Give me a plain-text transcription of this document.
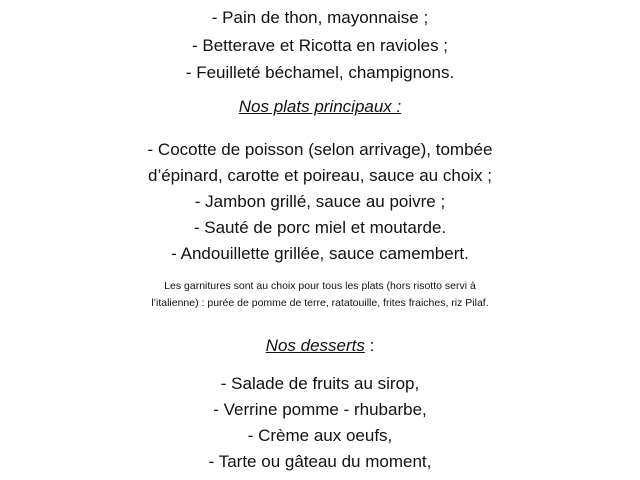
- Pain de thon, mayonnaise ;
- Betterave et Ricotta en ravioles ;
- Feuilleté béchamel, champignons.
Nos plats principaux :
- Cocotte de poisson (selon arrivage), tombée
d’épinard, carotte et poireau, sauce au choix ;
- Jambon grillé, sauce au poivre ;
- Sauté de porc miel et moutarde.
- Andouillette grillée, sauce camembert.
Les garnitures sont au choix pour tous les plats (hors risotto servi à
l’italienne) : purée de pomme de terre, ratatouille, frites fraiches, riz Pilaf.
Nos desserts :
- Salade de fruits au sirop,
- Verrine pomme - rhubarbe,
- Crème aux oeufs,
- Tarte ou gâteau du moment,
